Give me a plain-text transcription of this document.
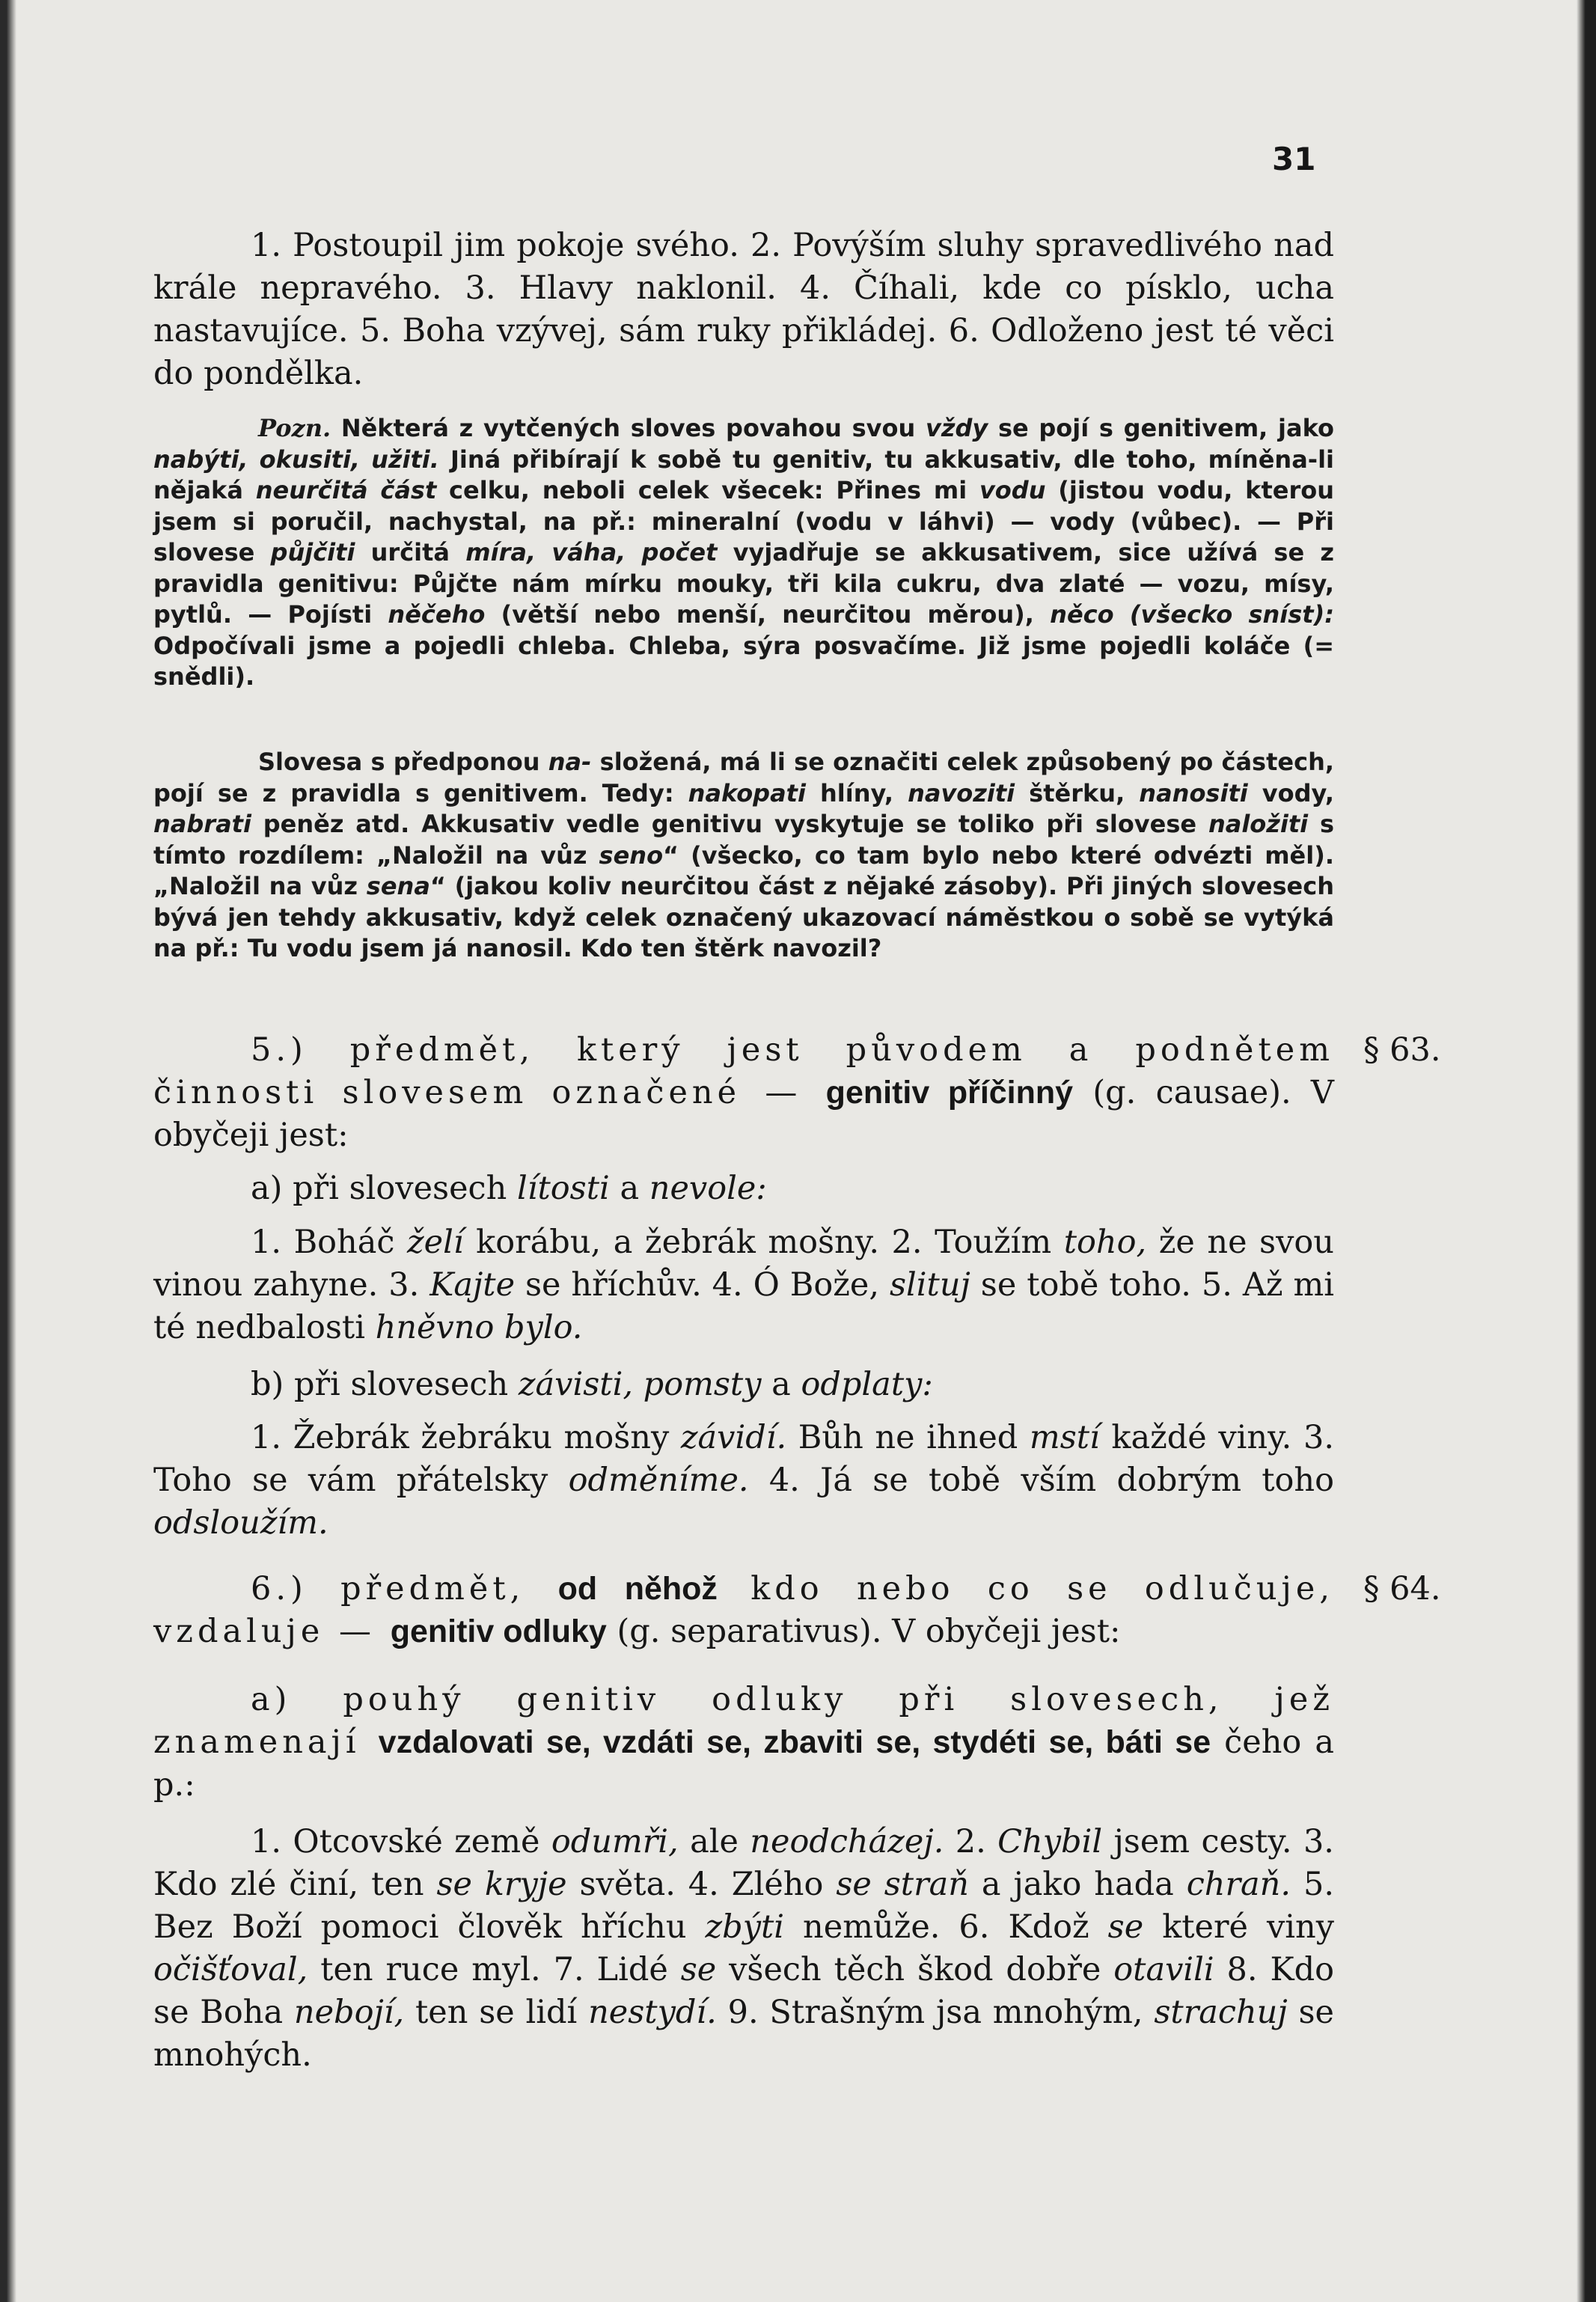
31

1. Postoupil jim pokoje svého. 2. Povýším sluhy spravedlivého nad krále nepravého. 3. Hlavy naklonil. 4. Číhali, kde co písklo, ucha nastavujíce. 5. Boha vzývej, sám ruky přikládej. 6. Odloženo jest té věci do pondělka.

Pozn. Některá z vytčených sloves povahou svou vždy se pojí s genitivem, jako nabýti, okusiti, užiti. Jiná přibírají k sobě tu genitiv, tu akkusativ, dle toho, míněna-li nějaká neurčitá část celku, neboli celek všecek: Přines mi vodu (jistou vodu, kterou jsem si poručil, nachystal, na př.: mineralní (vodu v láhvi) — vody (vůbec). — Při slovese půjčiti určitá míra, váha, počet vyjadřuje se akkusativem, sice užívá se z pravidla genitivu: Půjčte nám mírku mouky, tři kila cukru, dva zlaté — vozu, mísy, pytlů. — Pojísti něčeho (větší nebo menší, neurčitou měrou), něco (všecko sníst): Odpočívali jsme a pojedli chleba. Chleba, sýra posvačíme. Již jsme pojedli koláče (= snědli).

Slovesa s předponou na- složená, má li se označiti celek způsobený po částech, pojí se z pravidla s genitivem. Tedy: nakopati hlíny, navoziti štěrku, nanositi vody, nabrati peněz atd. Akkusativ vedle genitivu vyskytuje se toliko při slovese naložiti s tímto rozdílem: „Naložil na vůz seno“ (všecko, co tam bylo nebo které odvézti měl). „Naložil na vůz sena“ (jakou koliv neurčitou část z nějaké zásoby). Při jiných slovesech bývá jen tehdy akkusativ, když celek označený ukazovací náměstkou o sobě se vytýká na př.: Tu vodu jsem já nanosil. Kdo ten štěrk navozil?

§ 63.

5.) předmět, který jest původem a podnětem činnosti slovesem označené — genitiv příčinný (g. causae). V obyčeji jest:

a) při slovesech lítosti a nevole:

1. Boháč želí korábu, a žebrák mošny. 2. Toužím toho, že ne svou vinou zahyne. 3. Kajte se hříchův. 4. Ó Bože, slituj se tobě toho. 5. Až mi té nedbalosti hněvno bylo.

b) při slovesech závisti, pomsty a odplaty:

1. Žebrák žebráku mošny závidí. Bůh ne ihned mstí každé viny. 3. Toho se vám přátelsky odměníme. 4. Já se tobě vším dobrým toho odsloužím.

§ 64.

6.) předmět, od něhož kdo nebo co se odlučuje, vzdaluje — genitiv odluky (g. separativus). V obyčeji jest:

a) pouhý genitiv odluky při slovesech, jež znamenají vzdalovati se, vzdáti se, zbaviti se, stydéti se, báti se čeho a p.:

1. Otcovské země odumři, ale neodcházej. 2. Chybil jsem cesty. 3. Kdo zlé činí, ten se kryje světa. 4. Zlého se straň a jako hada chraň. 5. Bez Boží pomoci člověk hříchu zbýti nemůže. 6. Kdož se které viny očišťoval, ten ruce myl. 7. Lidé se všech těch škod dobře otavili 8. Kdo se Boha nebojí, ten se lidí nestydí. 9. Strašným jsa mnohým, strachuj se mnohých.
